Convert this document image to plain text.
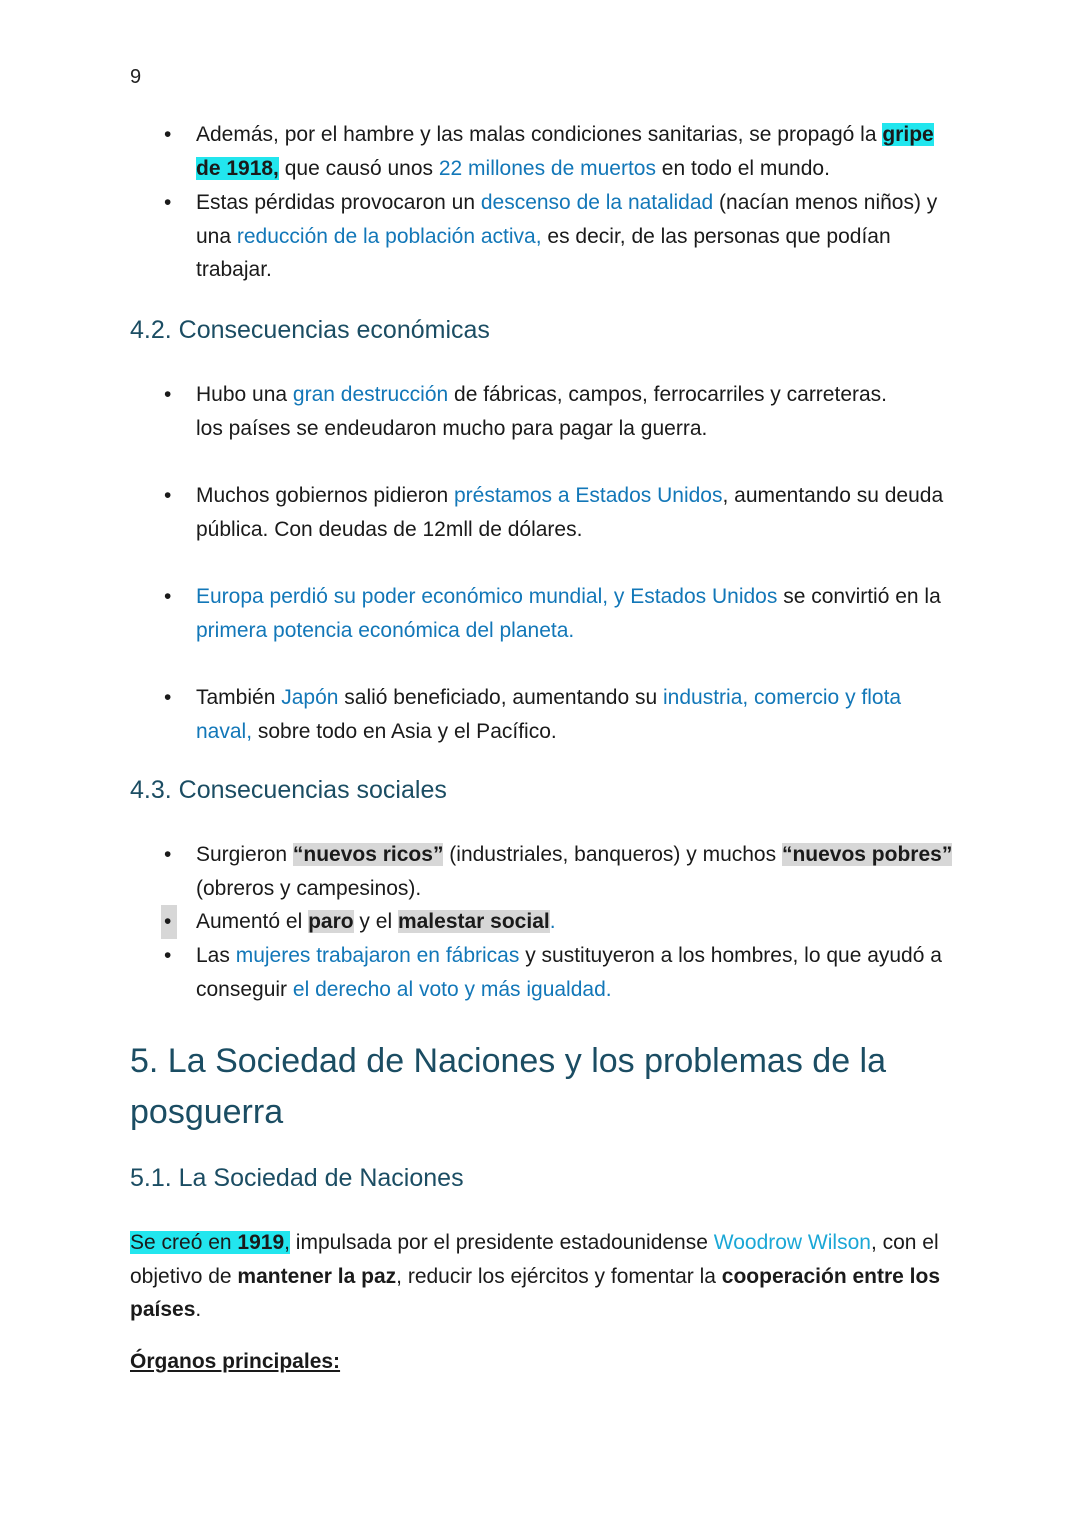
9
• Además, por el hambre y las malas condiciones sanitarias, se propagó la gripe de 1918, que causó unos 22 millones de muertos en todo el mundo.
• Estas pérdidas provocaron un descenso de la natalidad (nacían menos niños) y una reducción de la población activa, es decir, de las personas que podían trabajar.
4.2. Consecuencias económicas
• Hubo una gran destrucción de fábricas, campos, ferrocarriles y carreteras.
los países se endeudaron mucho para pagar la guerra.
• Muchos gobiernos pidieron préstamos a Estados Unidos, aumentando su deuda pública. Con deudas de 12mll de dólares.
• Europa perdió su poder económico mundial, y Estados Unidos se convirtió en la primera potencia económica del planeta.
• También Japón salió beneficiado, aumentando su industria, comercio y flota naval, sobre todo en Asia y el Pacífico.
4.3. Consecuencias sociales
• Surgieron “nuevos ricos” (industriales, banqueros) y muchos “nuevos pobres” (obreros y campesinos).
• Aumentó el paro y el malestar social.
• Las mujeres trabajaron en fábricas y sustituyeron a los hombres, lo que ayudó a conseguir el derecho al voto y más igualdad.
5. La Sociedad de Naciones y los problemas de la posguerra
5.1. La Sociedad de Naciones
Se creó en 1919, impulsada por el presidente estadounidense Woodrow Wilson, con el objetivo de mantener la paz, reducir los ejércitos y fomentar la cooperación entre los países.
Órganos principales:
